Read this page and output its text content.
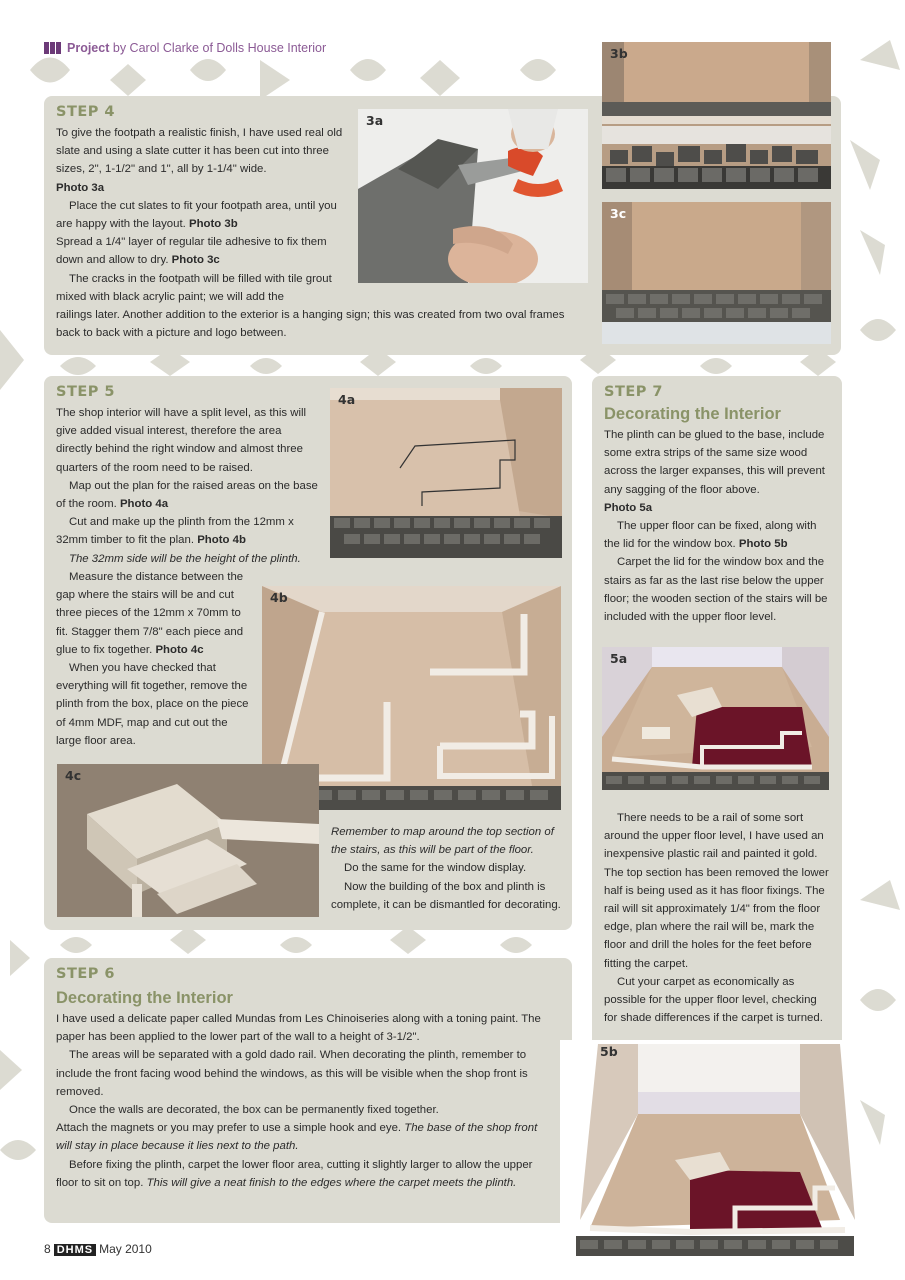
Project by Carol Clarke of Dolls House Interior
STEP 4

To give the footpath a realistic finish, I have used real old slate and using a slate cutter it has been cut into three sizes, 2", 1-1/2" and 1", all by 1-1/4" wide.

Photo 3a

Place the cut slates to fit your footpath area, until you are happy with the layout. Photo 3b

Spread a 1/4" layer of regular tile adhesive to fix them down and allow to dry. Photo 3c

The cracks in the footpath will be filled with tile grout mixed with black acrylic paint; we will add the

railings later. Another addition to the exterior is a hanging sign; this was created from two oval frames back to back with a picture and logo between.

3a
3b
3c
STEP 5

The shop interior will have a split level, as this will give added visual interest, therefore the area directly behind the right window and almost three quarters of the room need to be raised.

Map out the plan for the raised areas on the base of the room. Photo 4a

Cut and make up the plinth from the 12mm x 32mm timber to fit the plan. Photo 4b

The 32mm side will be the height of the plinth.

Measure the distance between the gap where the stairs will be and cut three pieces of the 12mm x 70mm to fit. Stagger them 7/8" each piece and glue to fix together. Photo 4c

When you have checked that everything will fit together, remove the plinth from the box, place on the piece of 4mm MDF, map and cut out the large floor area.

Remember to map around the top section of the stairs, as this will be part of the floor.

Do the same for the window display.

Now the building of the box and plinth is complete, it can be dismantled for decorating.

4a
4b
4c
STEP 6
Decorating the Interior

I have used a delicate paper called Mundas from Les Chinoiseries along with a toning paint. The paper has been applied to the lower part of the wall to a height of 3-1/2".

The areas will be separated with a gold dado rail. When decorating the plinth, remember to include the front facing wood behind the windows, as this will be visible when the shop front is removed.

Once the walls are decorated, the box can be permanently fixed together.

Attach the magnets or you may prefer to use a simple hook and eye. The base of the shop front will stay in place because it lies next to the path.

Before fixing the plinth, carpet the lower floor area, cutting it slightly larger to allow the upper floor to sit on top. This will give a neat finish to the edges where the carpet meets the plinth.

STEP 7
Decorating the Interior

The plinth can be glued to the base, include some extra strips of the same size wood across the larger expanses, this will prevent any sagging of the floor above.

Photo 5a

The upper floor can be fixed, along with the lid for the window box. Photo 5b

Carpet the lid for the window box and the stairs as far as the last rise below the upper floor; the wooden section of the stairs will be included with the upper floor level.

There needs to be a rail of some sort around the upper floor level, I have used an inexpensive plastic rail and painted it gold. The top section has been removed the lower half is being used as it has floor fixings. The rail will sit approximately 1/4" from the floor edge, plan where the rail will be, mark the floor and drill the holes for the feet before fitting the carpet.

Cut your carpet as economically as possible for the upper floor level, checking for shade differences if the carpet is turned.

5a
5b
8 DHMS May 2010
